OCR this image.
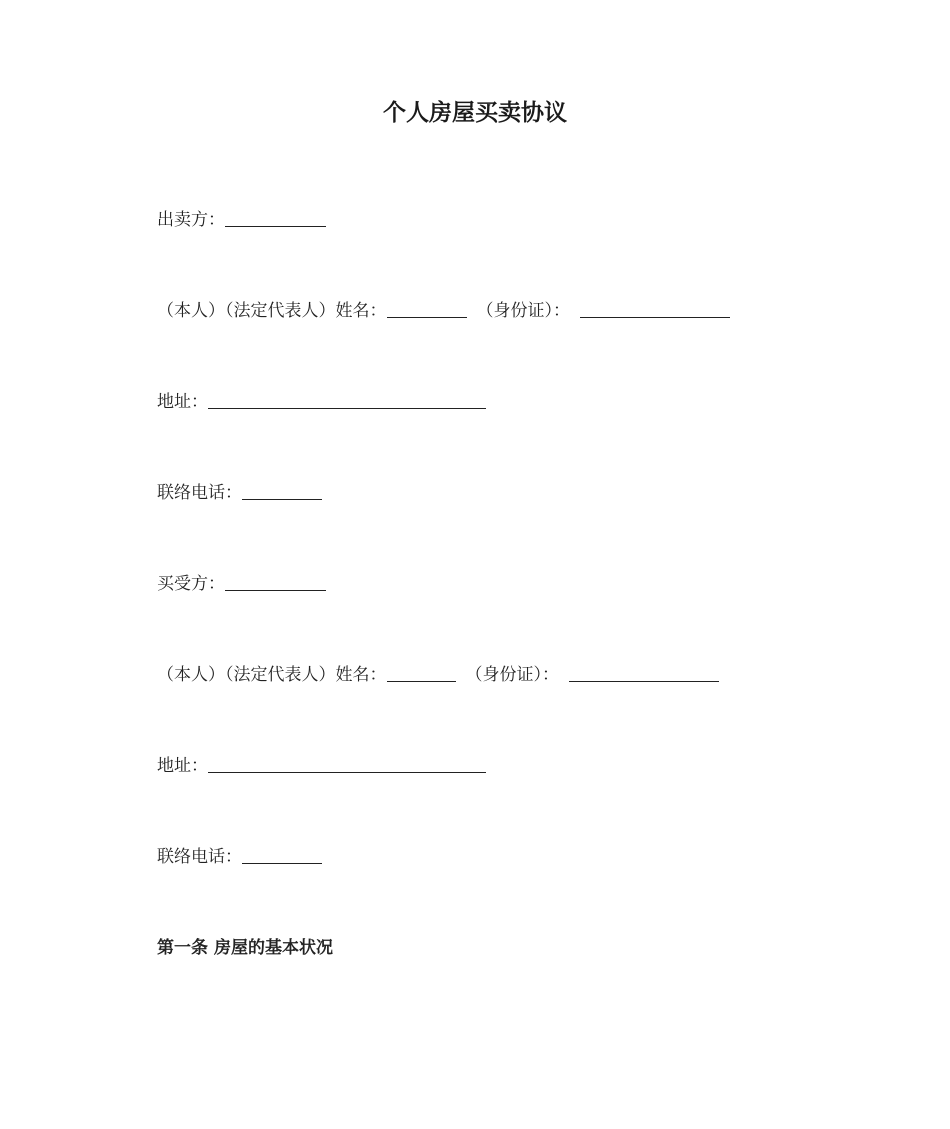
个人房屋买卖协议
出卖方：
（本人）（法定代表人）姓名：	（身份证）：
地址：
联络电话：
买受方：
（本人）（法定代表人）姓名：	（身份证）：
地址：
联络电话：
第一条 房屋的基本状况
